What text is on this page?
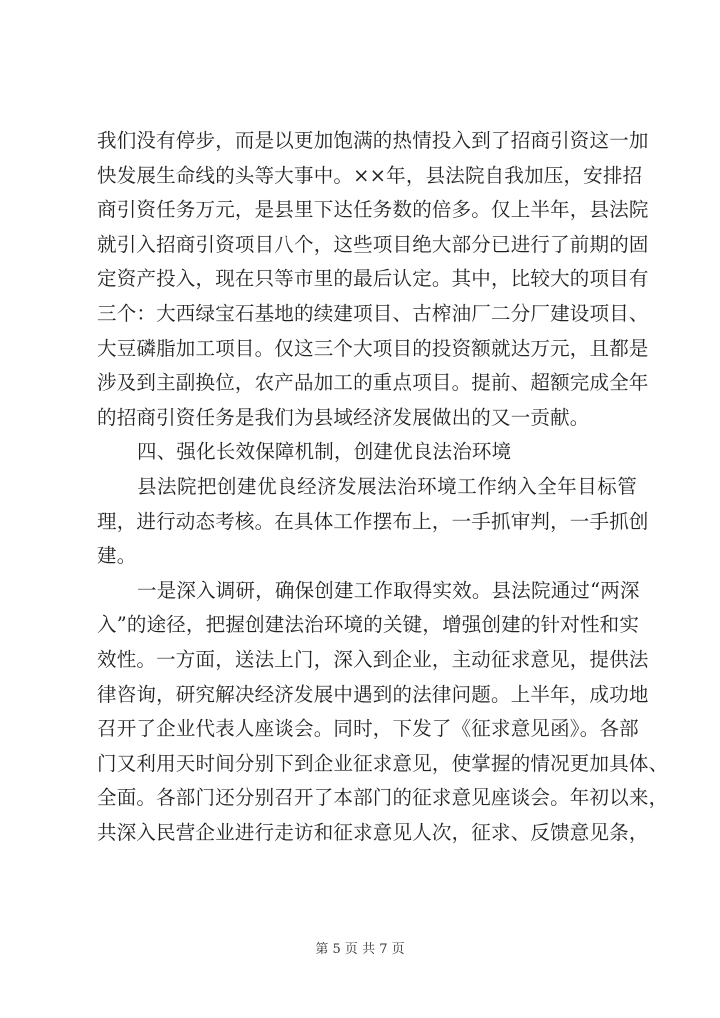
我们没有停步，而是以更加饱满的热情投入到了招商引资这一加
快发展生命线的头等大事中。××年，县法院自我加压，安排招
商引资任务万元，是县里下达任务数的倍多。仅上半年，县法院
就引入招商引资项目八个，这些项目绝大部分已进行了前期的固
定资产投入，现在只等市里的最后认定。其中，比较大的项目有
三个：大西绿宝石基地的续建项目、古榨油厂二分厂建设项目、
大豆磷脂加工项目。仅这三个大项目的投资额就达万元，且都是
涉及到主副换位，农产品加工的重点项目。提前、超额完成全年
的招商引资任务是我们为县域经济发展做出的又一贡献。
四、强化长效保障机制，创建优良法治环境
县法院把创建优良经济发展法治环境工作纳入全年目标管
理，进行动态考核。在具体工作摆布上，一手抓审判，一手抓创
建。
一是深入调研，确保创建工作取得实效。县法院通过“两深
入”的途径，把握创建法治环境的关键，增强创建的针对性和实
效性。一方面，送法上门，深入到企业，主动征求意见，提供法
律咨询，研究解决经济发展中遇到的法律问题。上半年，成功地
召开了企业代表人座谈会。同时，下发了《征求意见函》。各部
门又利用天时间分别下到企业征求意见，使掌握的情况更加具体、
全面。各部门还分别召开了本部门的征求意见座谈会。年初以来，
共深入民营企业进行走访和征求意见人次，征求、反馈意见条，
第 5 页 共 7 页
